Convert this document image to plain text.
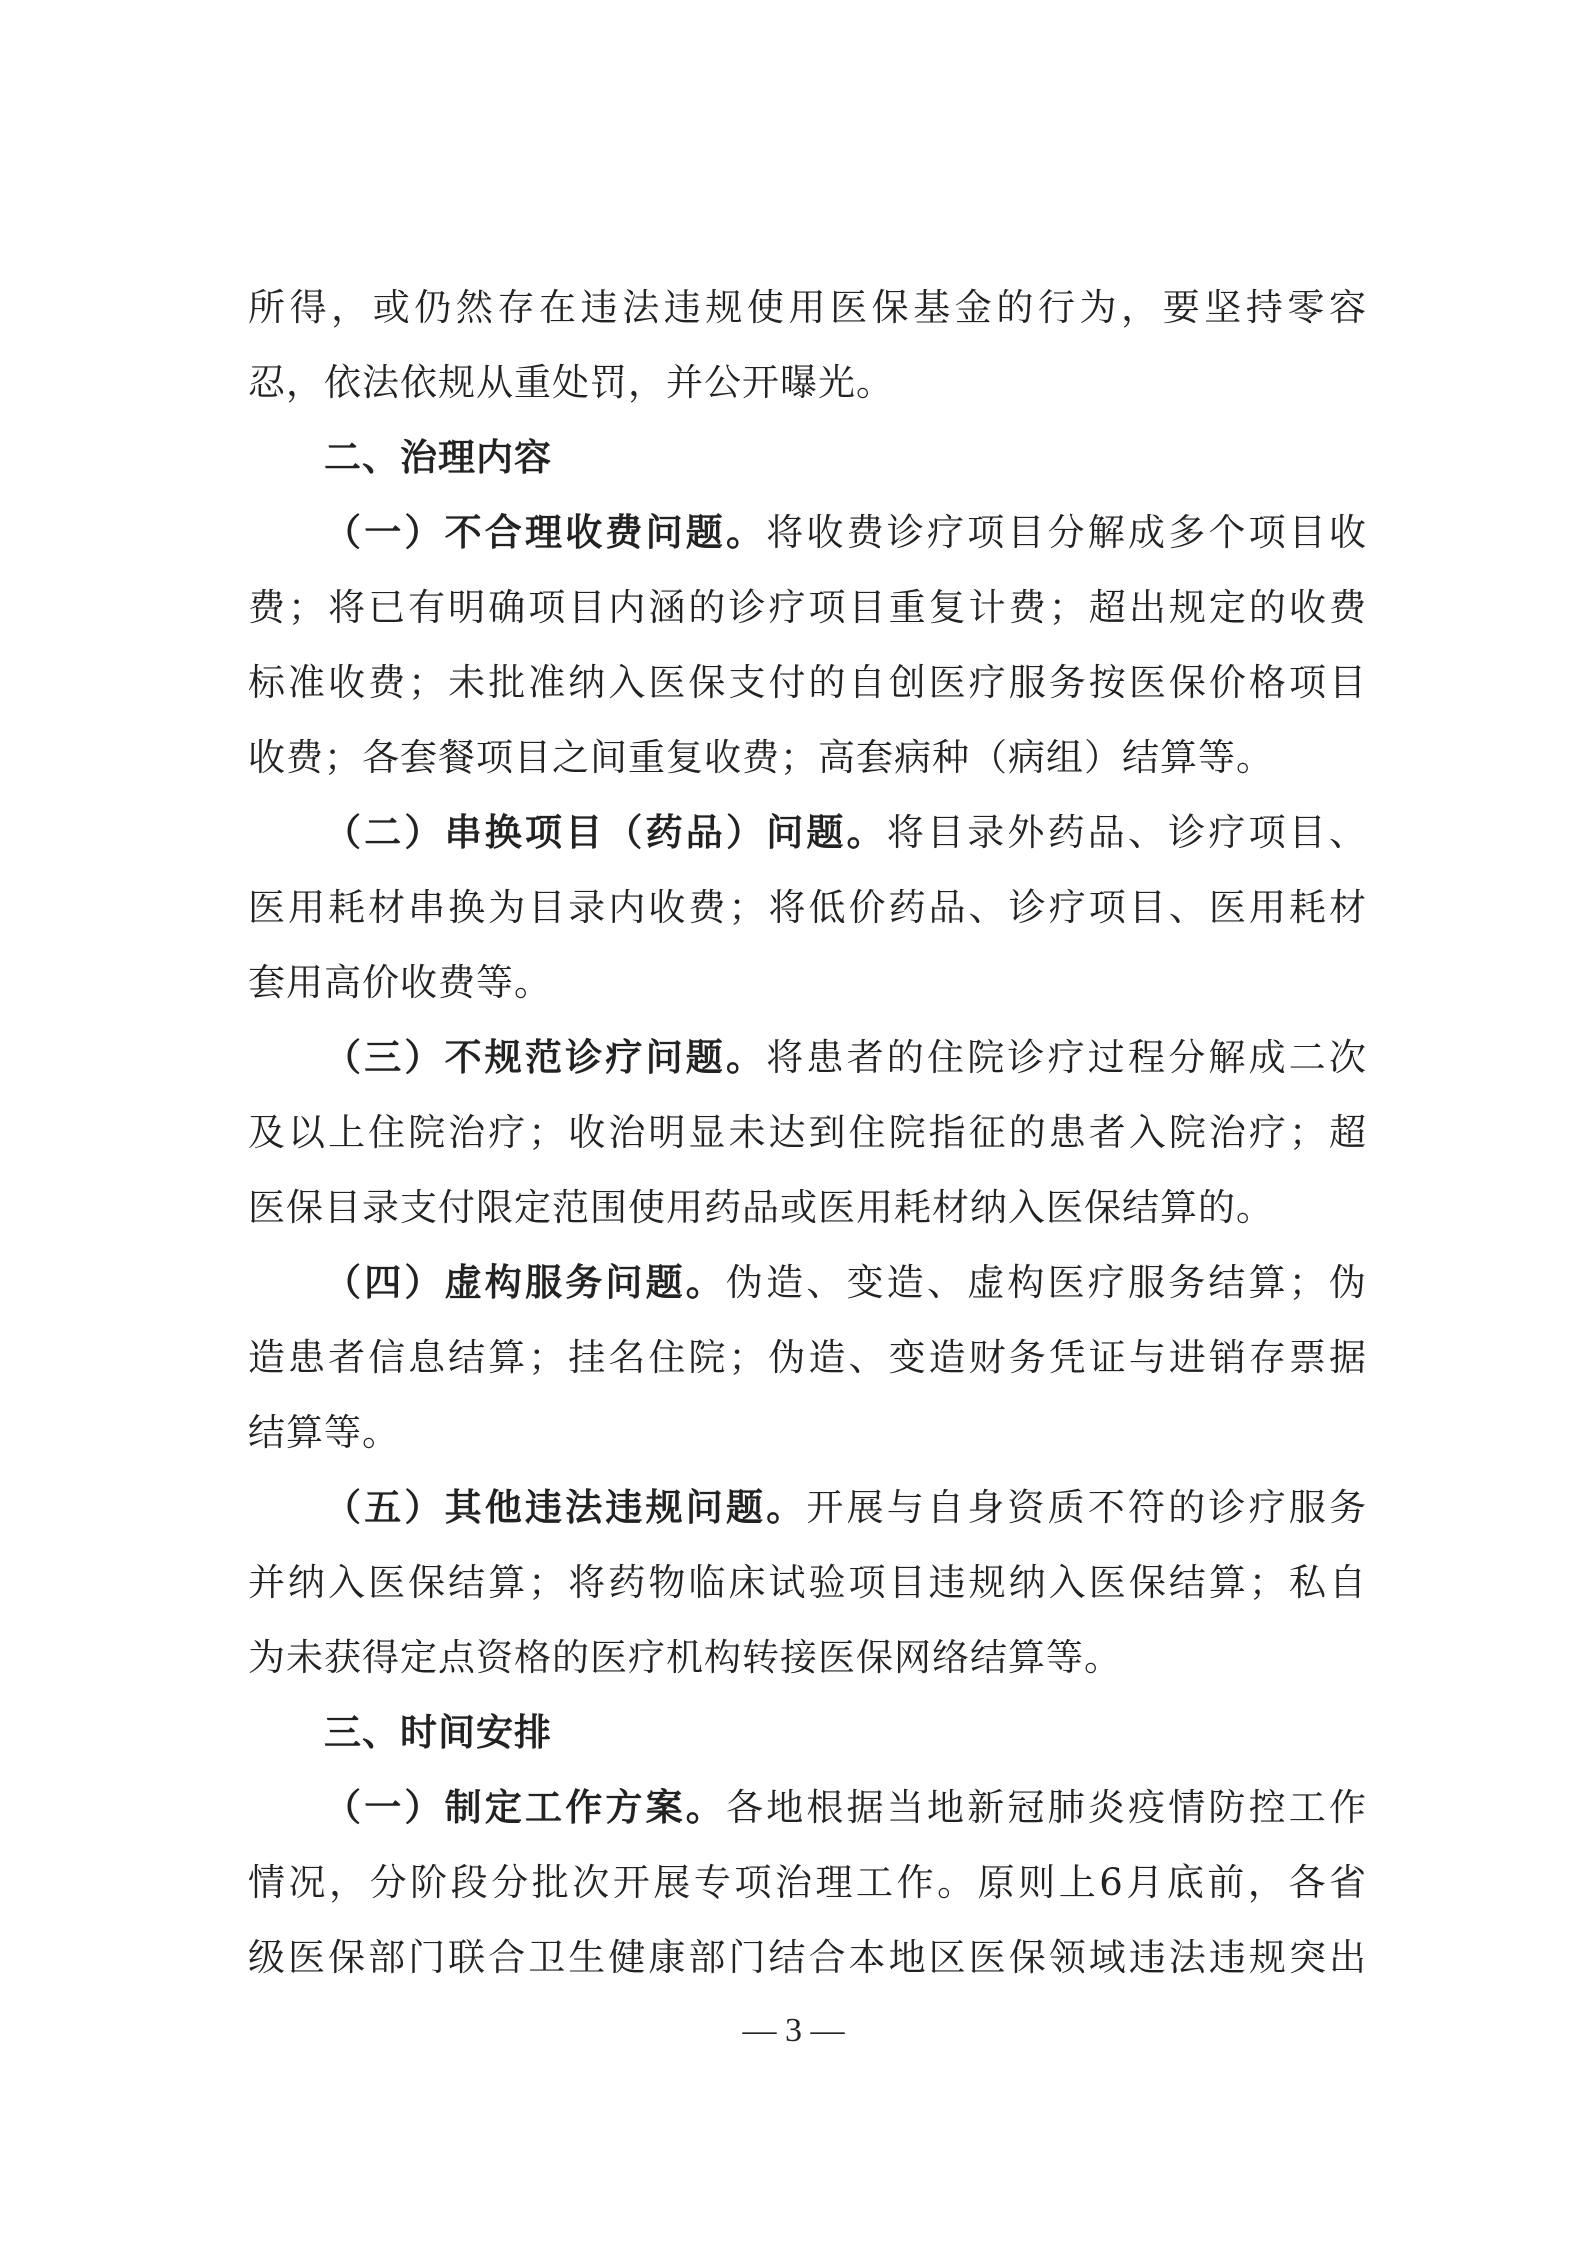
所得，或仍然存在违法违规使用医保基金的行为，要坚持零容
忍，依法依规从重处罚，并公开曝光。
二、治理内容
（一）不合理收费问题。将收费诊疗项目分解成多个项目收
费；将已有明确项目内涵的诊疗项目重复计费；超出规定的收费
标准收费；未批准纳入医保支付的自创医疗服务按医保价格项目
收费；各套餐项目之间重复收费；高套病种（病组）结算等。
（二）串换项目（药品）问题。将目录外药品、诊疗项目、
医用耗材串换为目录内收费；将低价药品、诊疗项目、医用耗材
套用高价收费等。
（三）不规范诊疗问题。将患者的住院诊疗过程分解成二次
及以上住院治疗；收治明显未达到住院指征的患者入院治疗；超
医保目录支付限定范围使用药品或医用耗材纳入医保结算的。
（四）虚构服务问题。伪造、变造、虚构医疗服务结算；伪
造患者信息结算；挂名住院；伪造、变造财务凭证与进销存票据
结算等。
（五）其他违法违规问题。开展与自身资质不符的诊疗服务
并纳入医保结算；将药物临床试验项目违规纳入医保结算；私自
为未获得定点资格的医疗机构转接医保网络结算等。
三、时间安排
（一）制定工作方案。各地根据当地新冠肺炎疫情防控工作
情况，分阶段分批次开展专项治理工作。原则上6月底前，各省
级医保部门联合卫生健康部门结合本地区医保领域违法违规突出
— 3 —
